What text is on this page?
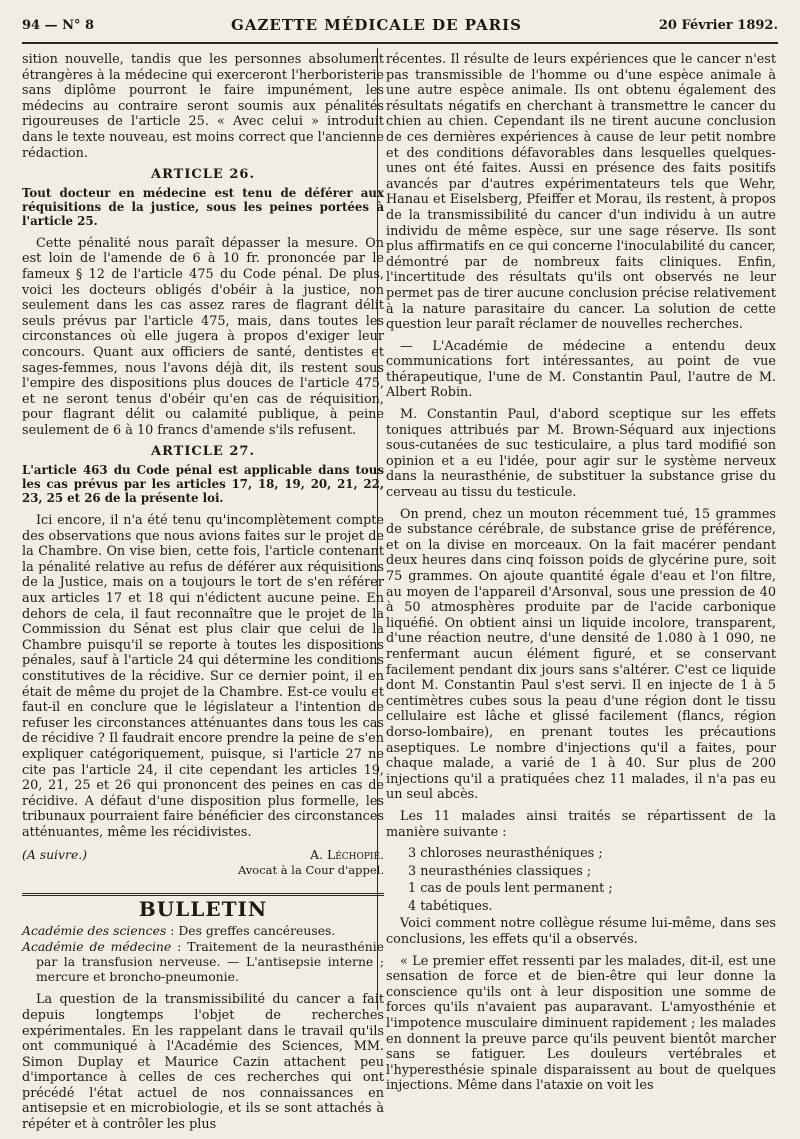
94 — N° 8	GAZETTE MÉDICALE DE PARIS	20 Février 1892.

sition nouvelle, tandis que les personnes absolument étrangères à la médecine qui exerceront l'herboristerie sans diplôme pourront le faire impunément, les médecins au contraire seront soumis aux pénalités rigoureuses de l'article 25. « Avec celui » introduit dans le texte nouveau, est moins correct que l'ancienne rédaction.

ARTICLE 26.

Tout docteur en médecine est tenu de déférer aux réquisitions de la justice, sous les peines portées à l'article 25.

Cette pénalité nous paraît dépasser la mesure. On est loin de l'amende de 6 à 10 fr. prononcée par le fameux § 12 de l'article 475 du Code pénal. De plus, voici les docteurs obligés d'obéir à la justice, non seulement dans les cas assez rares de flagrant délit seuls prévus par l'article 475, mais, dans toutes les circonstances où elle jugera à propos d'exiger leur concours. Quant aux officiers de santé, dentistes et sages-femmes, nous l'avons déjà dit, ils restent sous l'empire des dispositions plus douces de l'article 475, et ne seront tenus d'obéir qu'en cas de réquisition, pour flagrant délit ou calamité publique, à peine seulement de 6 à 10 francs d'amende s'ils refusent.

ARTICLE 27.

L'article 463 du Code pénal est applicable dans tous les cas prévus par les articles 17, 18, 19, 20, 21, 22, 23, 25 et 26 de la présente loi.

Ici encore, il n'a été tenu qu'incomplètement compte des observations que nous avions faites sur le projet de la Chambre. On vise bien, cette fois, l'article contenant la pénalité relative au refus de déférer aux réquisitions de la Justice, mais on a toujours le tort de s'en référer aux articles 17 et 18 qui n'édictent aucune peine. En dehors de cela, il faut reconnaître que le projet de la Commission du Sénat est plus clair que celui de la Chambre puisqu'il se reporte à toutes les dispositions pénales, sauf à l'article 24 qui détermine les conditions constitutives de la récidive. Sur ce dernier point, il en était de même du projet de la Chambre. Est-ce voulu et faut-il en conclure que le législateur a l'intention de refuser les circonstances atténuantes dans tous les cas de récidive ? Il faudrait encore prendre la peine de s'en expliquer catégoriquement, puisque, si l'article 27 ne cite pas l'article 24, il cite cependant les articles 19, 20, 21, 25 et 26 qui prononcent des peines en cas de récidive. A défaut d'une disposition plus formelle, les tribunaux pourraient faire bénéficier des circonstances atténuantes, même les récidivistes.

(A suivre.)	A. Léchopié.
Avocat à la Cour d'appel.
BULLETIN

Académie des sciences : Des greffes cancéreuses.

Académie de médecine : Traitement de la neurasthénie par la transfusion nerveuse. — L'antisepsie interne ; mercure et broncho-pneumonie.

La question de la transmissibilité du cancer a fait depuis longtemps l'objet de recherches expérimentales. En les rappelant dans le travail qu'ils ont communiqué à l'Académie des Sciences, MM. Simon Duplay et Maurice Cazin attachent peu d'importance à celles de ces recherches qui ont précédé l'état actuel de nos connaissances en antisepsie et en microbiologie, et ils se sont attachés à répéter et à contrôler les plus

récentes. Il résulte de leurs expériences que le cancer n'est pas transmissible de l'homme ou d'une espèce animale à une autre espèce animale. Ils ont obtenu également des résultats négatifs en cherchant à transmettre le cancer du chien au chien. Cependant ils ne tirent aucune conclusion de ces dernières expériences à cause de leur petit nombre et des conditions défavorables dans lesquelles quelques-unes ont été faites. Aussi en présence des faits positifs avancés par d'autres expérimentateurs tels que Wehr, Hanau et Eiselsberg, Pfeiffer et Morau, ils restent, à propos de la transmissibilité du cancer d'un individu à un autre individu de même espèce, sur une sage réserve. Ils sont plus affirmatifs en ce qui concerne l'inoculabilité du cancer, démontré par de nombreux faits cliniques. Enfin, l'incertitude des résultats qu'ils ont observés ne leur permet pas de tirer aucune conclusion précise relativement à la nature parasitaire du cancer. La solution de cette question leur paraît réclamer de nouvelles recherches.

— L'Académie de médecine a entendu deux communications fort intéressantes, au point de vue thérapeutique, l'une de M. Constantin Paul, l'autre de M. Albert Robin.

M. Constantin Paul, d'abord sceptique sur les effets toniques attribués par M. Brown-Séquard aux injections sous-cutanées de suc testiculaire, a plus tard modifié son opinion et a eu l'idée, pour agir sur le système nerveux dans la neurasthénie, de substituer la substance grise du cerveau au tissu du testicule.

On prend, chez un mouton récemment tué, 15 grammes de substance cérébrale, de substance grise de préférence, et on la divise en morceaux. On la fait macérer pendant deux heures dans cinq foisson poids de glycérine pure, soit 75 grammes. On ajoute quantité égale d'eau et l'on filtre, au moyen de l'appareil d'Arsonval, sous une pression de 40 à 50 atmosphères produite par de l'acide carbonique liquéfié. On obtient ainsi un liquide incolore, transparent, d'une réaction neutre, d'une densité de 1.080 à 1 090, ne renfermant aucun élément figuré, et se conservant facilement pendant dix jours sans s'altérer. C'est ce liquide dont M. Constantin Paul s'est servi. Il en injecte de 1 à 5 centimètres cubes sous la peau d'une région dont le tissu cellulaire est lâche et glissé facilement (flancs, région dorso-lombaire), en prenant toutes les précautions aseptiques. Le nombre d'injections qu'il a faites, pour chaque malade, a varié de 1 à 40. Sur plus de 200 injections qu'il a pratiquées chez 11 malades, il n'a pas eu un seul abcès.

Les 11 malades ainsi traités se répartissent de la manière suivante :

3 chloroses neurasthéniques ;

3 neurasthénies classiques ;

1 cas de pouls lent permanent ;

4 tabétiques.

Voici comment notre collègue résume lui-même, dans ses conclusions, les effets qu'il a observés.

« Le premier effet ressenti par les malades, dit-il, est une sensation de force et de bien-être qui leur donne la conscience qu'ils ont à leur disposition une somme de forces qu'ils n'avaient pas auparavant. L'amyosthénie et l'impotence musculaire diminuent rapidement ; les malades en donnent la preuve parce qu'ils peuvent bientôt marcher sans se fatiguer. Les douleurs vertébrales et l'hyperesthésie spinale disparaissent au bout de quelques injections. Même dans l'ataxie on voit les
